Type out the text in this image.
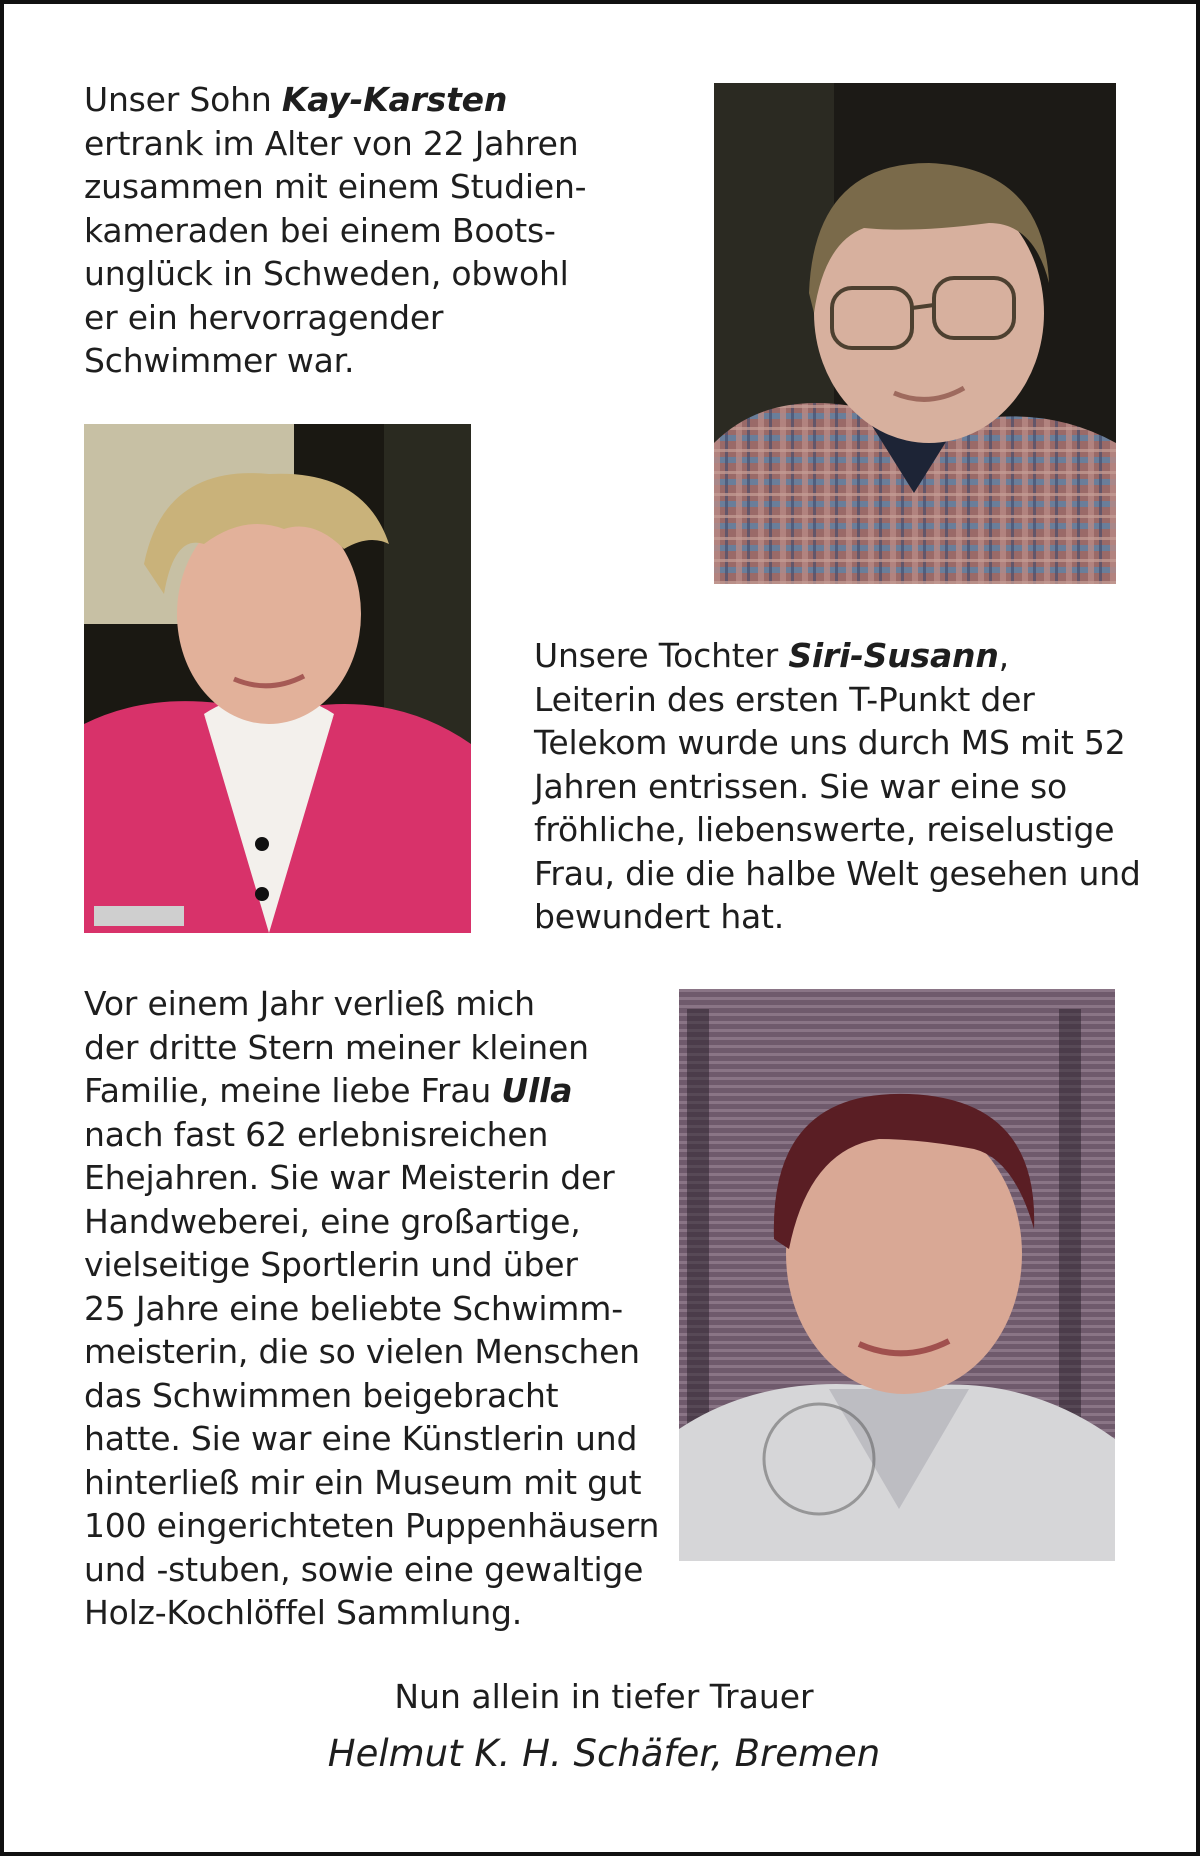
Unser Sohn Kay-Karsten
ertrank im Alter von 22 Jahren
zusammen mit einem Studien-
kameraden bei einem Boots-
unglück in Schweden, obwohl
er ein hervorragender
Schwimmer war.
Unsere Tochter Siri-Susann,
Leiterin des ersten T-Punkt der
Telekom wurde uns durch MS mit 52
Jahren entrissen. Sie war eine so
fröhliche, liebenswerte, reiselustige
Frau, die die halbe Welt gesehen und
bewundert hat.
Vor einem Jahr verließ mich
der dritte Stern meiner kleinen
Familie, meine liebe Frau Ulla
nach fast 62 erlebnisreichen
Ehejahren. Sie war Meisterin der
Handweberei, eine großartige,
vielseitige Sportlerin und über
25 Jahre eine beliebte Schwimm-
meisterin, die so vielen Menschen
das Schwimmen beigebracht
hatte. Sie war eine Künstlerin und
hinterließ mir ein Museum mit gut
100 eingerichteten Puppenhäusern
und -stuben, sowie eine gewaltige
Holz-Kochlöffel Sammlung.
Nun allein in tiefer Trauer
Helmut K. H. Schäfer, Bremen
